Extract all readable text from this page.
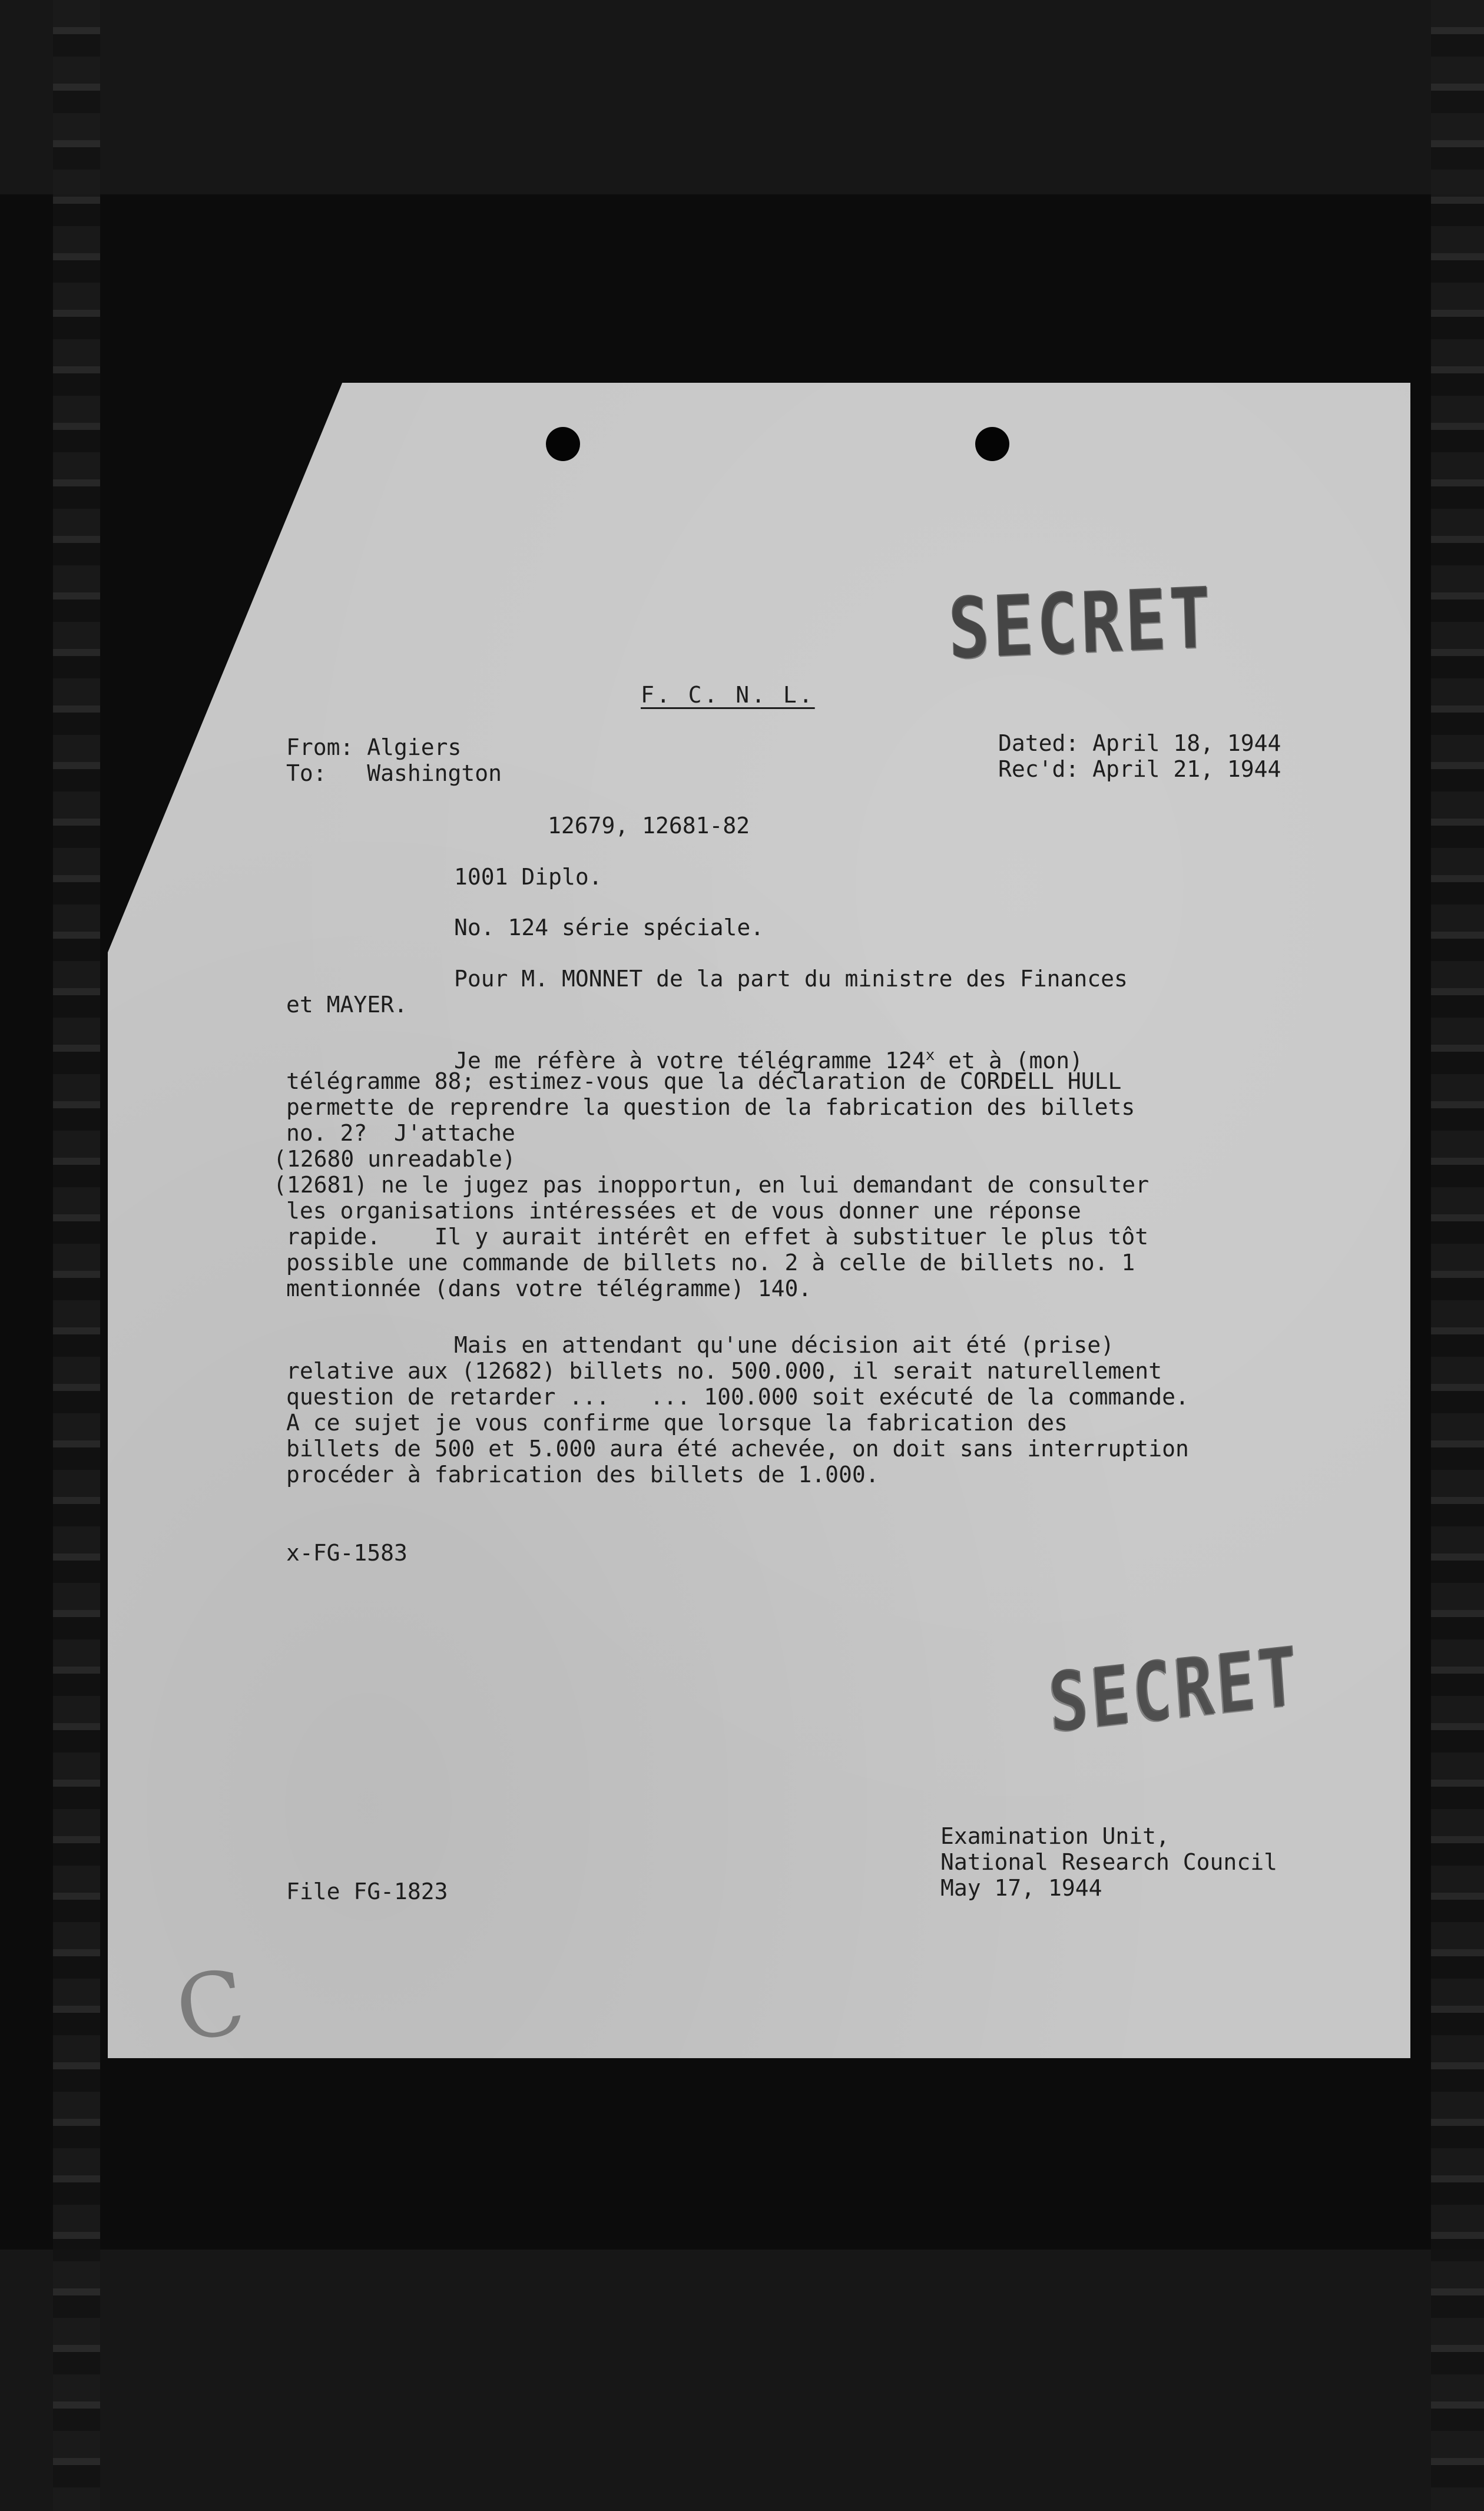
SECRET
F. C. N. L.
From: Algiers
To:   Washington
Dated: April 18, 1944
Rec'd: April 21, 1944
12679, 12681-82
1001 Diplo.
No. 124 série spéciale.
Pour M. MONNET de la part du ministre des Finances
et MAYER.
Je me réfère à votre télégramme 124$^x$ et à (mon)
télégramme 88; estimez-vous que la déclaration de CORDELL HULL
permette de reprendre la question de la fabrication des billets
no. 2?  J'attache
(12680 unreadable)
(12681) ne le jugez pas inopportun, en lui demandant de consulter
les organisations intéressées et de vous donner une réponse
rapide.    Il y aurait intérêt en effet à substituer le plus tôt
possible une commande de billets no. 2 à celle de billets no. 1
mentionnée (dans votre télégramme) 140.
Mais en attendant qu'une décision ait été (prise)
relative aux (12682) billets no. 500.000, il serait naturellement
question de retarder ...   ... 100.000 soit exécuté de la commande.
A ce sujet je vous confirme que lorsque la fabrication des
billets de 500 et 5.000 aura été achevée, on doit sans interruption
procéder à fabrication des billets de 1.000.
x-FG-1583
SECRET
Examination Unit,
National Research Council
May 17, 1944
File FG-1823
C
